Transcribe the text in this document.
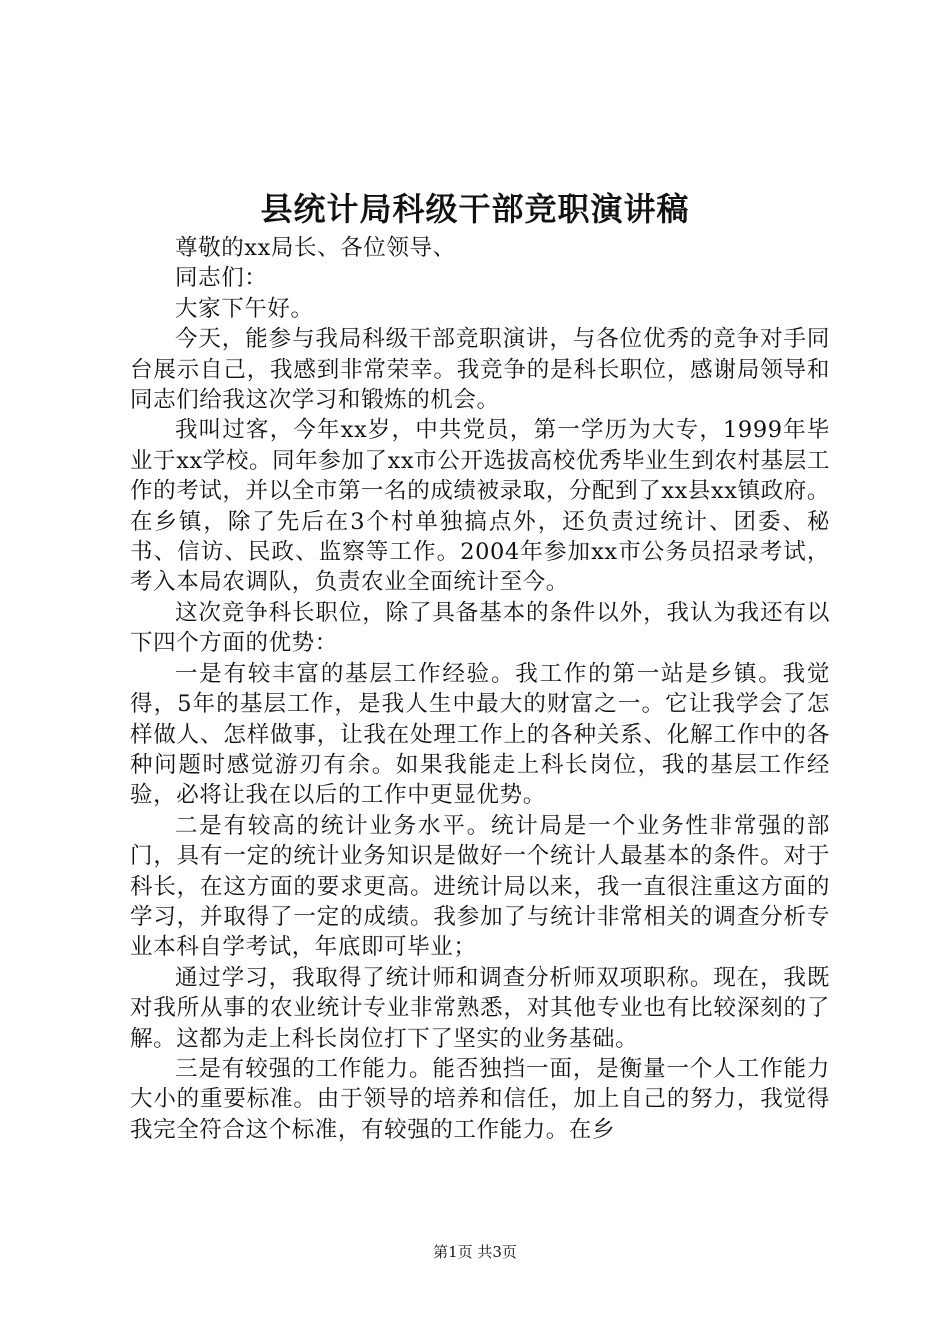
县统计局科级干部竞职演讲稿

尊敬的xx局长、各位领导、

同志们：

大家下午好。

今天，能参与我局科级干部竞职演讲，与各位优秀的竞争对手同台展示自己，我感到非常荣幸。我竞争的是科长职位，感谢局领导和同志们给我这次学习和锻炼的机会。

我叫过客，今年xx岁，中共党员，第一学历为大专，1999年毕业于xx学校。同年参加了xx市公开选拔高校优秀毕业生到农村基层工作的考试，并以全市第一名的成绩被录取，分配到了xx县xx镇政府。在乡镇，除了先后在3个村单独搞点外，还负责过统计、团委、秘书、信访、民政、监察等工作。2004年参加xx市公务员招录考试，考入本局农调队，负责农业全面统计至今。

这次竞争科长职位，除了具备基本的条件以外，我认为我还有以下四个方面的优势：

一是有较丰富的基层工作经验。我工作的第一站是乡镇。我觉得，5年的基层工作，是我人生中最大的财富之一。它让我学会了怎样做人、怎样做事，让我在处理工作上的各种关系、化解工作中的各种问题时感觉游刃有余。如果我能走上科长岗位，我的基层工作经验，必将让我在以后的工作中更显优势。

二是有较高的统计业务水平。统计局是一个业务性非常强的部门，具有一定的统计业务知识是做好一个统计人最基本的条件。对于科长，在这方面的要求更高。进统计局以来，我一直很注重这方面的学习，并取得了一定的成绩。我参加了与统计非常相关的调查分析专业本科自学考试，年底即可毕业；

通过学习，我取得了统计师和调查分析师双项职称。现在，我既对我所从事的农业统计专业非常熟悉，对其他专业也有比较深刻的了解。这都为走上科长岗位打下了坚实的业务基础。

三是有较强的工作能力。能否独挡一面，是衡量一个人工作能力大小的重要标准。由于领导的培养和信任，加上自己的努力，我觉得我完全符合这个标准，有较强的工作能力。在乡

第1页 共3页
